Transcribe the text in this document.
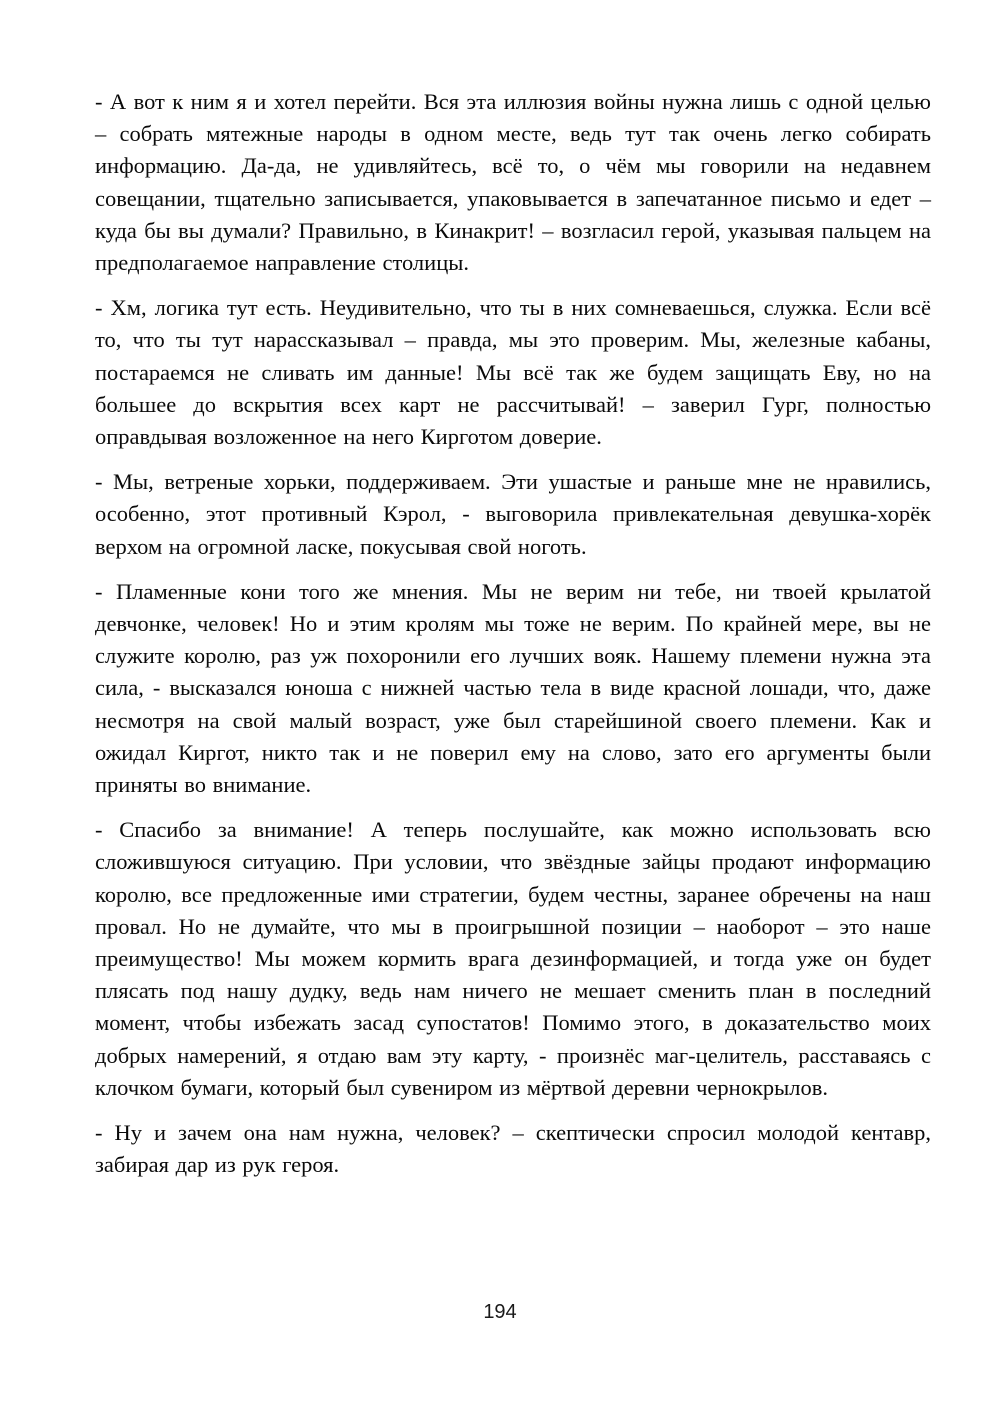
- А вот к ним я и хотел перейти. Вся эта иллюзия войны нужна лишь с одной целью – собрать мятежные народы в одном месте, ведь тут так очень легко собирать информацию. Да-да, не удивляйтесь, всё то, о чём мы говорили на недавнем совещании, тщательно записывается, упаковывается в запечатанное письмо и едет – куда бы вы думали? Правильно, в Кинакрит! – возгласил герой, указывая пальцем на предполагаемое направление столицы.

- Хм, логика тут есть. Неудивительно, что ты в них сомневаешься, служка. Если всё то, что ты тут нарассказывал – правда, мы это проверим. Мы, железные кабаны, постараемся не сливать им данные! Мы всё так же будем защищать Еву, но на большее до вскрытия всех карт не рассчитывай! – заверил Гург, полностью оправдывая возложенное на него Кирготом доверие.

- Мы, ветреные хорьки, поддерживаем. Эти ушастые и раньше мне не нравились, особенно, этот противный Кэрол, - выговорила привлекательная девушка-хорёк верхом на огромной ласке, покусывая свой ноготь.

- Пламенные кони того же мнения. Мы не верим ни тебе, ни твоей крылатой девчонке, человек! Но и этим кролям мы тоже не верим. По крайней мере, вы не служите королю, раз уж похоронили его лучших вояк. Нашему племени нужна эта сила, - высказался юноша с нижней частью тела в виде красной лошади, что, даже несмотря на свой малый возраст, уже был старейшиной своего племени. Как и ожидал Киргот, никто так и не поверил ему на слово, зато его аргументы были приняты во внимание.

- Спасибо за внимание! А теперь послушайте, как можно использовать всю сложившуюся ситуацию. При условии, что звёздные зайцы продают информацию королю, все предложенные ими стратегии, будем честны, заранее обречены на наш провал. Но не думайте, что мы в проигрышной позиции – наоборот – это наше преимущество! Мы можем кормить врага дезинформацией, и тогда уже он будет плясать под нашу дудку, ведь нам ничего не мешает сменить план в последний момент, чтобы избежать засад супостатов! Помимо этого, в доказательство моих добрых намерений, я отдаю вам эту карту, - произнёс маг-целитель, расставаясь с клочком бумаги, который был сувениром из мёртвой деревни чернокрылов.

- Ну и зачем она нам нужна, человек? – скептически спросил молодой кентавр, забирая дар из рук героя.

194
